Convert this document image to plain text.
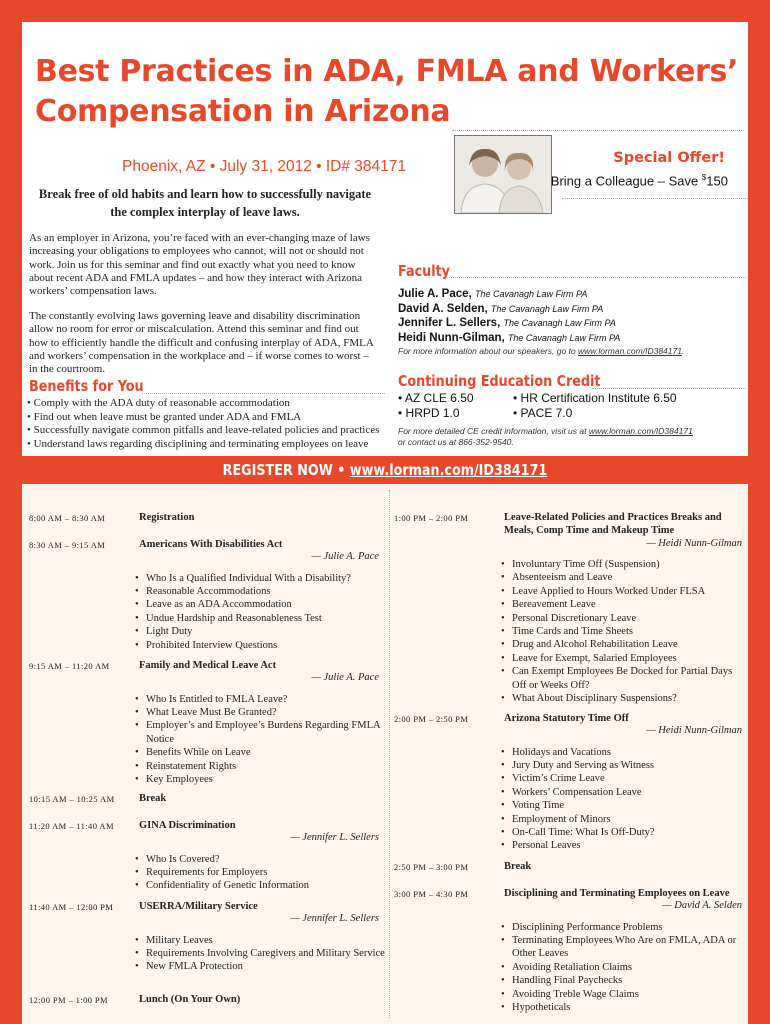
Best Practices in ADA, FMLA and Workers’
Compensation in Arizona
Phoenix, AZ • July 31, 2012 • ID# 384171	Special Offer!
Bring a Colleague – Save $150
Break free of old habits and learn how to successfully navigate the complex interplay of leave laws.
As an employer in Arizona, you’re faced with an ever-changing maze of laws increasing your obligations to employees who cannot, will not or should not work. Join us for this seminar and find out exactly what you need to know about recent ADA and FMLA updates – and how they interact with Arizona workers’ compensation laws.
The constantly evolving laws governing leave and disability discrimination allow no room for error or miscalculation. Attend this seminar and find out how to efficiently handle the difficult and confusing interplay of ADA, FMLA and workers’ compensation in the workplace and – if worse comes to worst – in the courtroom.
Benefits for You
• Comply with the ADA duty of reasonable accommodation
• Find out when leave must be granted under ADA and FMLA
• Successfully navigate common pitfalls and leave-related policies and practices
• Understand laws regarding disciplining and terminating employees on leave
Faculty
Julie A. Pace, The Cavanagh Law Firm PA
David A. Selden, The Cavanagh Law Firm PA
Jennifer L. Sellers, The Cavanagh Law Firm PA
Heidi Nunn-Gilman, The Cavanagh Law Firm PA
For more information about our speakers, go to www.lorman.com/ID384171.
Continuing Education Credit
• AZ CLE 6.50	• HR Certification Institute 6.50
• HRPD 1.0	• PACE 7.0
For more detailed CE credit information, visit us at www.lorman.com/ID384171
or contact us at 866-352-9540.
REGISTER NOW • www.lorman.com/ID384171
8:00 AM – 8:30 AM	Registration
8:30 AM – 9:15 AM	Americans With Disabilities Act
— Julie A. Pace
• Who Is a Qualified Individual With a Disability?
• Reasonable Accommodations
• Leave as an ADA Accommodation
• Undue Hardship and Reasonableness Test
• Light Duty
• Prohibited Interview Questions
9:15 AM – 11:20 AM	Family and Medical Leave Act
— Julie A. Pace
• Who Is Entitled to FMLA Leave?
• What Leave Must Be Granted?
• Employer’s and Employee’s Burdens Regarding FMLA Notice
• Benefits While on Leave
• Reinstatement Rights
• Key Employees
10:15 AM – 10:25 AM Break
11:20 AM – 11:40 AM GINA Discrimination
— Jennifer L. Sellers
• Who Is Covered?
• Requirements for Employers
• Confidentiality of Genetic Information
11:40 AM – 12:00 PM USERRA/Military Service
— Jennifer L. Sellers
• Military Leaves
• Requirements Involving Caregivers and Military Service
• New FMLA Protection
12:00 PM – 1:00 PM	Lunch (On Your Own)
1:00 PM – 2:00 PM	Leave-Related Policies and Practices Breaks and Meals, Comp Time and Makeup Time
— Heidi Nunn-Gilman
• Involuntary Time Off (Suspension)
• Absenteeism and Leave
• Leave Applied to Hours Worked Under FLSA
• Bereavement Leave
• Personal Discretionary Leave
• Time Cards and Time Sheets
• Drug and Alcohol Rehabilitation Leave
• Leave for Exempt, Salaried Employees
• Can Exempt Employees Be Docked for Partial Days Off or Weeks Off?
• What About Disciplinary Suspensions?
2:00 PM – 2:50 PM	Arizona Statutory Time Off
— Heidi Nunn-Gilman
• Holidays and Vacations
• Jury Duty and Serving as Witness
• Victim’s Crime Leave
• Workers’ Compensation Leave
• Voting Time
• Employment of Minors
• On-Call Time: What Is Off-Duty?
• Personal Leaves
2:50 PM – 3:00 PM	Break
3:00 PM – 4:30 PM	Disciplining and Terminating Employees on Leave
— David A. Selden
• Disciplining Performance Problems
• Terminating Employees Who Are on FMLA, ADA or Other Leaves
• Avoiding Retaliation Claims
• Handling Final Paychecks
• Avoiding Treble Wage Claims
• Hypotheticals
